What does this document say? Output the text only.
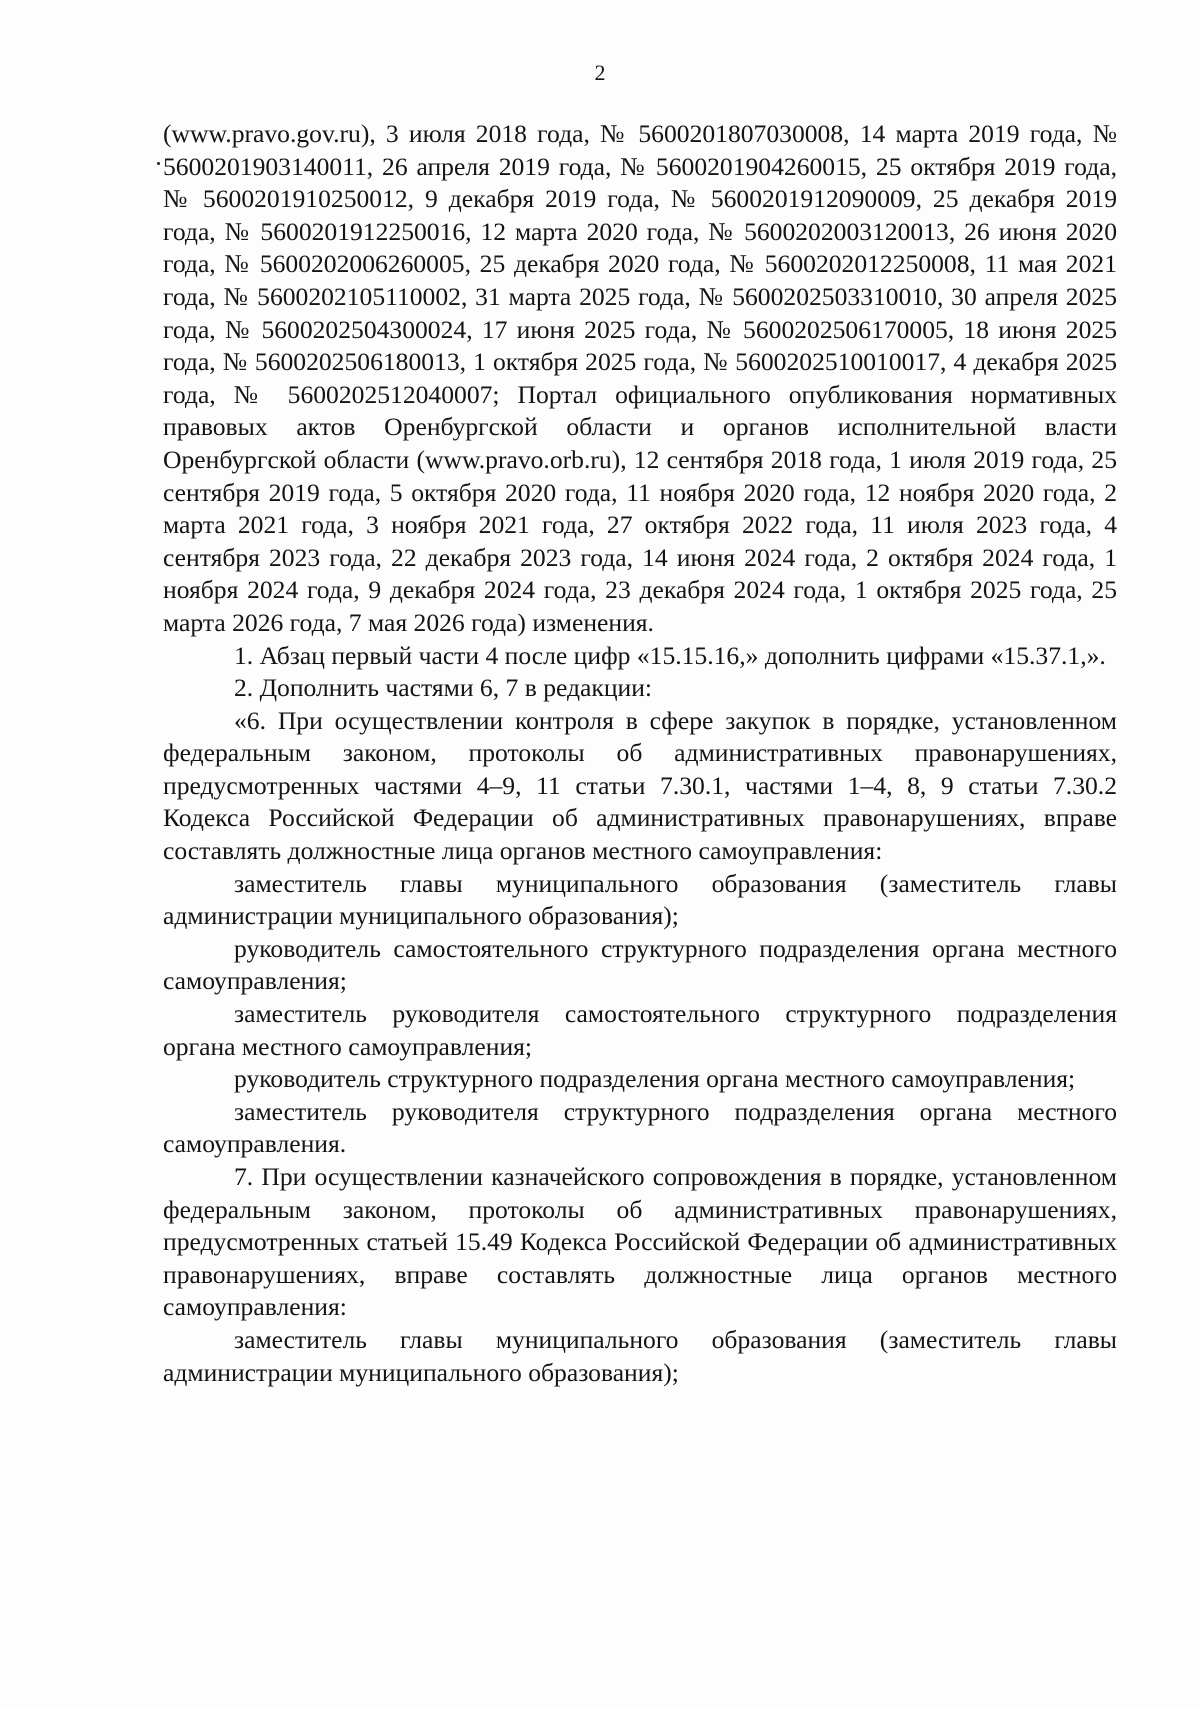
2

(www.pravo.gov.ru), 3 июля 2018 года, № 5600201807030008, 14 марта 2019 года, № 5600201903140011, 26 апреля 2019 года, № 5600201904260015, 25 октября 2019 года, № 5600201910250012, 9 декабря 2019 года, № 5600201912090009, 25 декабря 2019 года, № 5600201912250016, 12 марта 2020 года, № 5600202003120013, 26 июня 2020 года, № 5600202006260005, 25 декабря 2020 года, № 5600202012250008, 11 мая 2021 года, № 5600202105110002, 31 марта 2025 года, № 5600202503310010, 30 апреля 2025 года, № 5600202504300024, 17 июня 2025 года, № 5600202506170005, 18 июня 2025 года, № 5600202506180013, 1 октября 2025 года, № 5600202510010017, 4 декабря 2025 года, № 5600202512040007; Портал официального опубликования нормативных правовых актов Оренбургской области и органов исполнительной власти Оренбургской области (www.pravo.orb.ru), 12 сентября 2018 года, 1 июля 2019 года, 25 сентября 2019 года, 5 октября 2020 года, 11 ноября 2020 года, 12 ноября 2020 года, 2 марта 2021 года, 3 ноября 2021 года, 27 октября 2022 года, 11 июля 2023 года, 4 сентября 2023 года, 22 декабря 2023 года, 14 июня 2024 года, 2 октября 2024 года, 1 ноября 2024 года, 9 декабря 2024 года, 23 декабря 2024 года, 1 октября 2025 года, 25 марта 2026 года, 7 мая 2026 года) изменения.

1. Абзац первый части 4 после цифр «15.15.16,» дополнить цифрами «15.37.1,».

2. Дополнить частями 6, 7 в редакции:

«6. При осуществлении контроля в сфере закупок в порядке, установленном федеральным законом, протоколы об административных правонарушениях, предусмотренных частями 4–9, 11 статьи 7.30.1, частями 1–4, 8, 9 статьи 7.30.2 Кодекса Российской Федерации об административных правонарушениях, вправе составлять должностные лица органов местного самоуправления:

заместитель главы муниципального образования (заместитель главы администрации муниципального образования);

руководитель самостоятельного структурного подразделения органа местного самоуправления;

заместитель руководителя самостоятельного структурного подразделения органа местного самоуправления;

руководитель структурного подразделения органа местного самоуправления;

заместитель руководителя структурного подразделения органа местного самоуправления.

7. При осуществлении казначейского сопровождения в порядке, установленном федеральным законом, протоколы об административных правонарушениях, предусмотренных статьей 15.49 Кодекса Российской Федерации об административных правонарушениях, вправе составлять должностные лица органов местного самоуправления:

заместитель главы муниципального образования (заместитель главы администрации муниципального образования);
